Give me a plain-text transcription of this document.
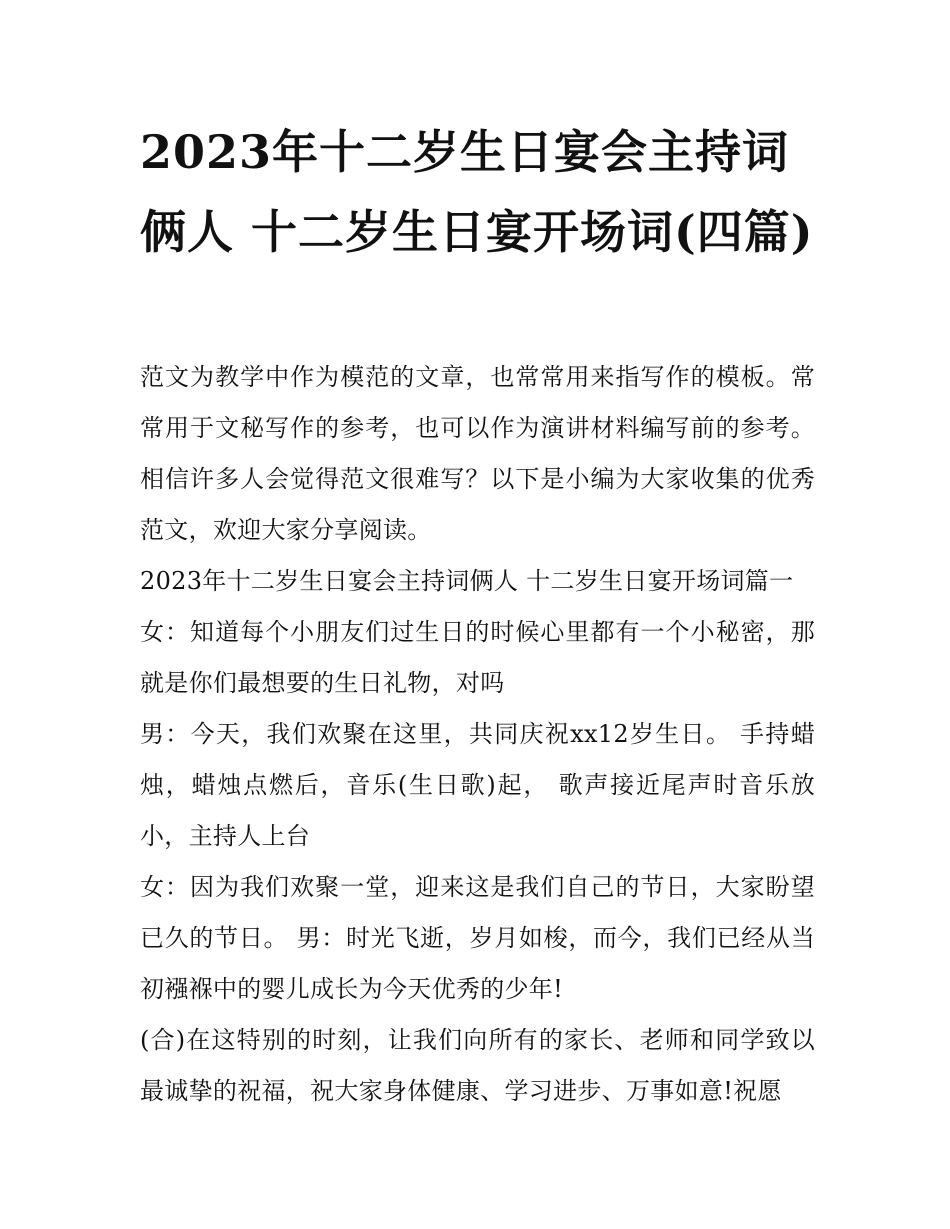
2023年十二岁生日宴会主持词俩人 十二岁生日宴开场词(四篇)

范文为教学中作为模范的文章，也常常用来指写作的模板。常常用于文秘写作的参考，也可以作为演讲材料编写前的参考。相信许多人会觉得范文很难写？以下是小编为大家收集的优秀范文，欢迎大家分享阅读。

2023年十二岁生日宴会主持词俩人 十二岁生日宴开场词篇一

女：知道每个小朋友们过生日的时候心里都有一个小秘密，那就是你们最想要的生日礼物，对吗

男：今天，我们欢聚在这里，共同庆祝xx12岁生日。 手持蜡烛，蜡烛点燃后，音乐(生日歌)起， 歌声接近尾声时音乐放小，主持人上台

女：因为我们欢聚一堂，迎来这是我们自己的节日，大家盼望已久的节日。 男：时光飞逝，岁月如梭，而今，我们已经从当初襁褓中的婴儿成长为今天优秀的少年!

(合)在这特别的时刻，让我们向所有的家长、老师和同学致以最诚挚的祝福，祝大家身体健康、学习进步、万事如意!祝愿
